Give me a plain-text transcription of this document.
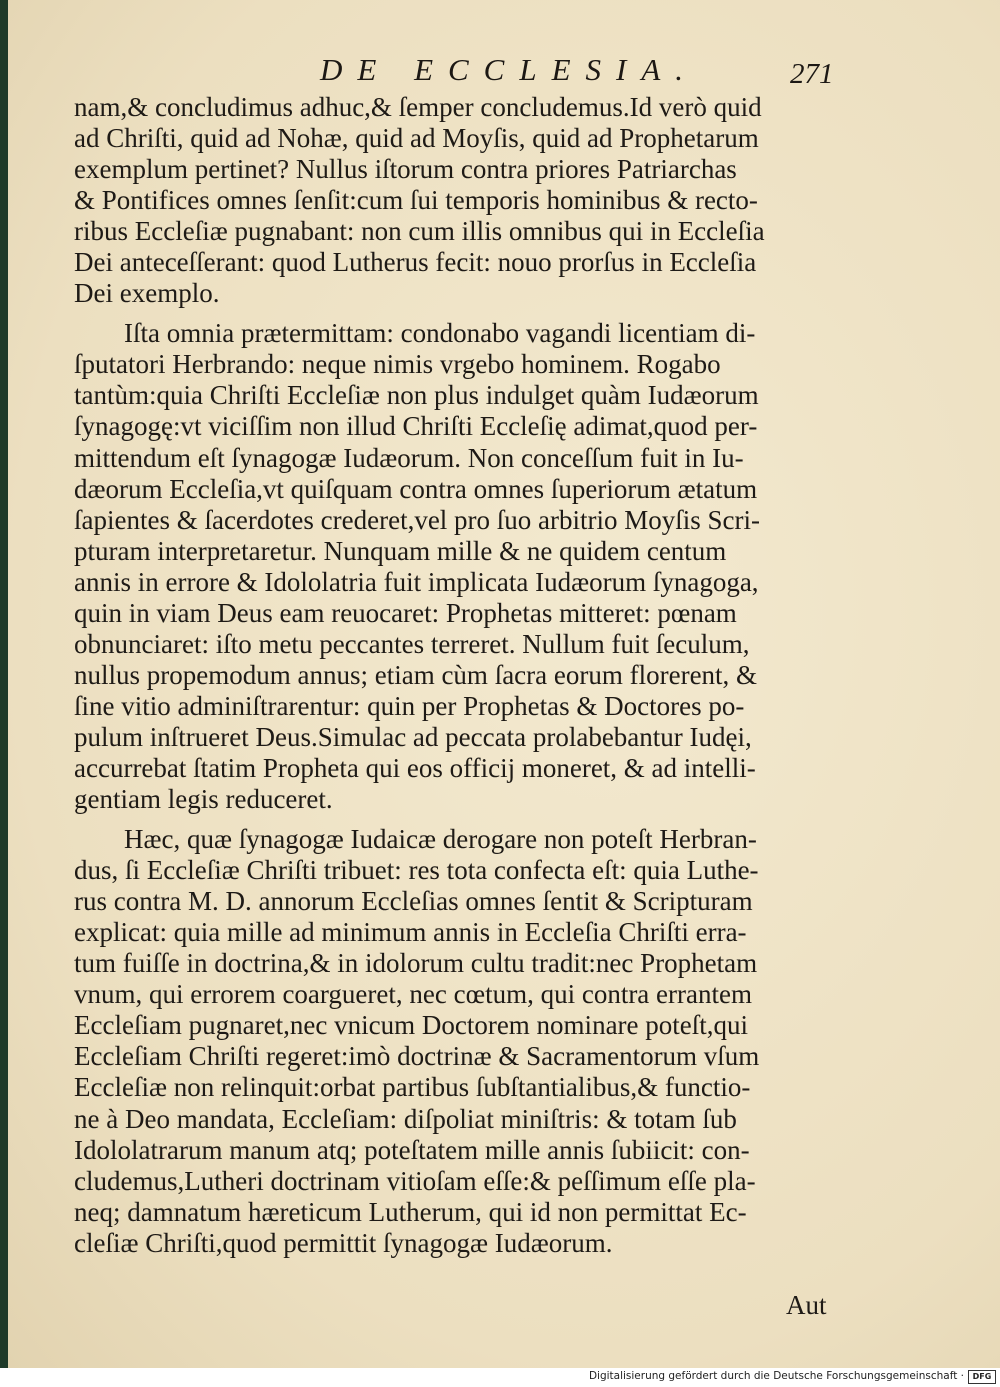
DE ECCLESIA.	271
nam,& concludimus adhuc,& ſemper concludemus.Id verò quid
ad Chriſti, quid ad Nohæ, quid ad Moyſis, quid ad Prophetarum
exemplum pertinet? Nullus iſtorum contra priores Patriarchas
& Pontifices omnes ſenſit:cum ſui temporis hominibus & recto-
ribus Eccleſiæ pugnabant: non cum illis omnibus qui in Eccleſia
Dei anteceſſerant: quod Lutherus fecit: nouo prorſus in Eccleſia
Dei exemplo.
Iſta omnia prætermittam: condonabo vagandi licentiam di-
ſputatori Herbrando: neque nimis vrgebo hominem. Rogabo
tantùm:quia Chriſti Eccleſiæ non plus indulget quàm Iudæorum
ſynagogę:vt viciſſim non illud Chriſti Eccleſię adimat,quod per-
mittendum eſt ſynagogæ Iudæorum. Non conceſſum fuit in Iu-
dæorum Eccleſia,vt quiſquam contra omnes ſuperiorum ætatum
ſapientes & ſacerdotes crederet,vel pro ſuo arbitrio Moyſis Scri-
pturam interpretaretur. Nunquam mille & ne quidem centum
annis in errore & Idololatria fuit implicata Iudæorum ſynagoga,
quin in viam Deus eam reuocaret: Prophetas mitteret: pœnam
obnunciaret: iſto metu peccantes terreret. Nullum fuit ſeculum,
nullus propemodum annus; etiam cùm ſacra eorum florerent, &
ſine vitio adminiſtrarentur: quin per Prophetas & Doctores po-
pulum inſtrueret Deus.Simulac ad peccata prolabebantur Iudęi,
accurrebat ſtatim Propheta qui eos officij moneret, & ad intelli-
gentiam legis reduceret.
Hæc, quæ ſynagogæ Iudaicæ derogare non poteſt Herbran-
dus, ſi Eccleſiæ Chriſti tribuet: res tota confecta eſt: quia Luthe-
rus contra M. D. annorum Eccleſias omnes ſentit & Scripturam
explicat: quia mille ad minimum annis in Eccleſia Chriſti erra-
tum fuiſſe in doctrina,& in idolorum cultu tradit:nec Prophetam
vnum, qui errorem coargueret, nec cœtum, qui contra errantem
Eccleſiam pugnaret,nec vnicum Doctorem nominare poteſt,qui
Eccleſiam Chriſti regeret:imò doctrinæ & Sacramentorum vſum
Eccleſiæ non relinquit:orbat partibus ſubſtantialibus,& functio-
ne à Deo mandata, Eccleſiam: diſpoliat miniſtris: & totam ſub
Idololatrarum manum atq; poteſtatem mille annis ſubiicit: con-
cludemus,Lutheri doctrinam vitioſam eſſe:& peſſimum eſſe pla-
neq; damnatum hæreticum Lutherum, qui id non permittat Ec-
cleſiæ Chriſti,quod permittit ſynagogæ Iudæorum.
Aut
Digitalisierung gefördert durch die Deutsche Forschungsgemeinschaft ·	DFG
